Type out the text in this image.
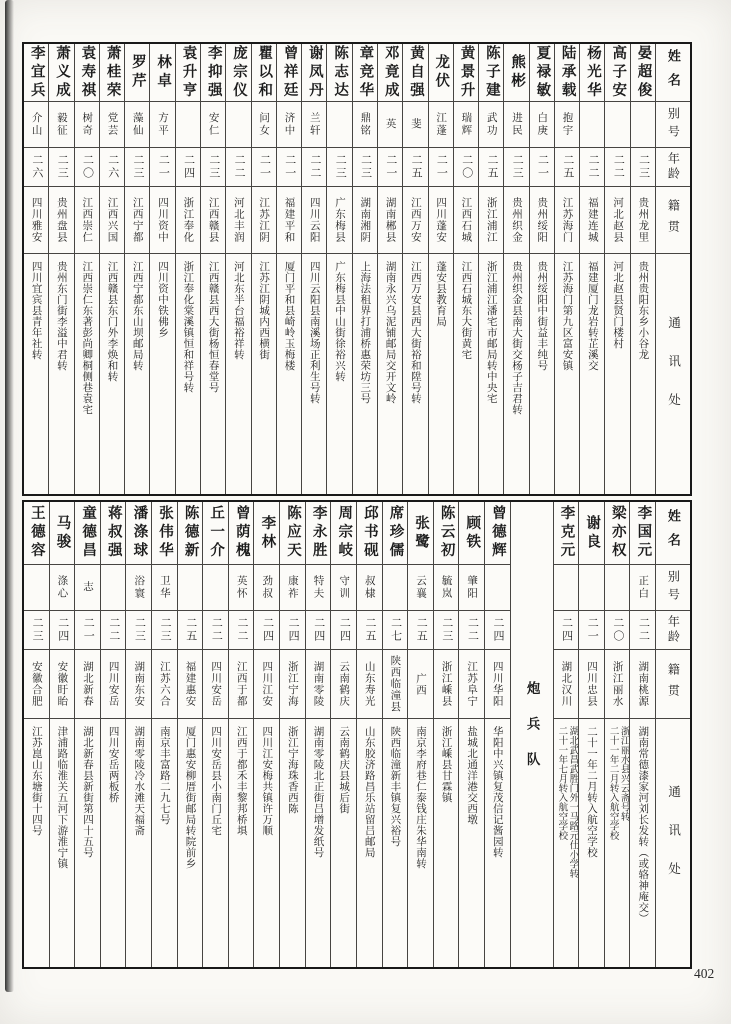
李宜兵
介山
二六
四川雅安
四川宜宾县青年社转
萧义成
毅征
二三
贵州盘县
贵州东门街李溢中君转
袁寿祺
树奇
二〇
江西崇仁
江西崇仁东著彭尚卿桐侧巷袁宅
萧桂荣
党芸
二六
江西兴国
江西赣县东门外李焕和转
罗芹
藻仙
二三
江西宁都
江西宁都东山坝邮局转
林卓
方平
二一
四川资中
四川资中铁佛乡
袁升亨
二四
浙江奉化
浙江奉化棠溪镇恒和祥号转
李抑强
安仁
二三
江西赣县
江西赣县西大街杨恒春堂号
庞宗仪
二二
河北丰润
河北东半台福裕祥转
瞿以和
问女
二一
江苏江阴
江苏江阴城内西横街
曾祥廷
济中
二一
福建平和
厦门平和县崎岭玉梅楼
谢凤丹
兰轩
二二
四川云阳
四川云阳县南溪场正利生号转
陈志达
二三
广东梅县
广东梅县中山街徐裕兴转
章竞华
鼎铭
二三
湖南湘阴
上海法租界打浦桥惠荣坊三号
邓竟成
英
二一
湖南郴县
湖南永兴乌泥铺邮局交开文岭
黄自强
斐
二五
江西万安
江西万安县西大街裕和陞号转
龙伏
江蓬
二一
四川蓬安
蓬安县教育局
黄景升
瑞辉
二〇
江西石城
江西石城东大街黄宅
陈子建
武功
二五
浙江浦江
浙江浦江潘宅市邮局转中央宅
熊彬
进民
二三
贵州织金
贵州织金县南大街交杨子吉君转
夏禄敏
白庚
二一
贵州绥阳
贵州绥阳中街益丰纯号
陆承载
抱宇
二五
江苏海门
江苏海门第九区富安镇
杨光华
二二
福建连城
福建厦门龙岩转芷溪交
高子安
二二
河北赵县
河北赵县贤门楼村
晏超俊
二三
贵州龙里
贵州贵阳东乡小谷龙
姓名
别号
年龄
籍贯
通讯处
王德容
二三
安徽合肥
江苏崑山东塘街十四号
马骏
涤心
二四
安徽盱眙
津浦路临淮关五河下游淮宁镇
童德昌
志
二一
湖北新春
湖北新春县新街第四十五号
蒋叔强
二二
四川安岳
四川安岳两板桥
潘涤球
浴寰
二三
湖南东安
湖南零陵冷水滩天福斋
张伟华
卫华
二三
江苏六合
南京丰富路二九七号
陈德新
二五
福建惠安
厦门惠安柳厝街邮局转院前乡
丘一介
二二
四川安岳
四川安岳县小南门丘宅
曾荫槐
英怀
二二
江西于都
江西于都禾丰黎邦桥埧
李林
劲叔
二四
四川江安
四川江安梅共镇许万顺
陈应天
康祚
二四
浙江宁海
浙江宁海珠香西陈
李永胜
特夫
二四
湖南零陵
湖南零陵北正街吕增发纸号
周宗岐
守训
二四
云南鹤庆
云南鹤庆县城后街
邱书砚
叔棣
二五
山东寿光
山东胶济路昌乐站留吕邮局
席珍儒
二七
陕西临潼县
陕西临潼新丰镇复兴裕号
张鹭
云襄
二五
广西
南京李府巷仁泰钱庄朱华南转
陈云初
毓岚
二三
浙江嵊县
浙江嵊县甘霖镇
顾铁
肇阳
二二
江苏阜宁
盐城北通洋港交西墩
曾德辉
二四
四川华阳
华阳中兴镇复茂信记酱园转 炮兵队
李克元
二四
湖北汉川
湖北武昌武胜门外一马路元仕小学转
二十一年七月转入航空学校
谢良
二一
四川忠县
二十一年二月转入航空学校
梁亦权
二〇
浙江丽水
浙江丽水县兴云斋号转
二十一年二月转入航空学校
李国元
正白
二二
湖南桃源
湖南常德漆家河刘长发转（或辂神庵交）
姓名
别号
年龄
籍贯
通讯处
402
